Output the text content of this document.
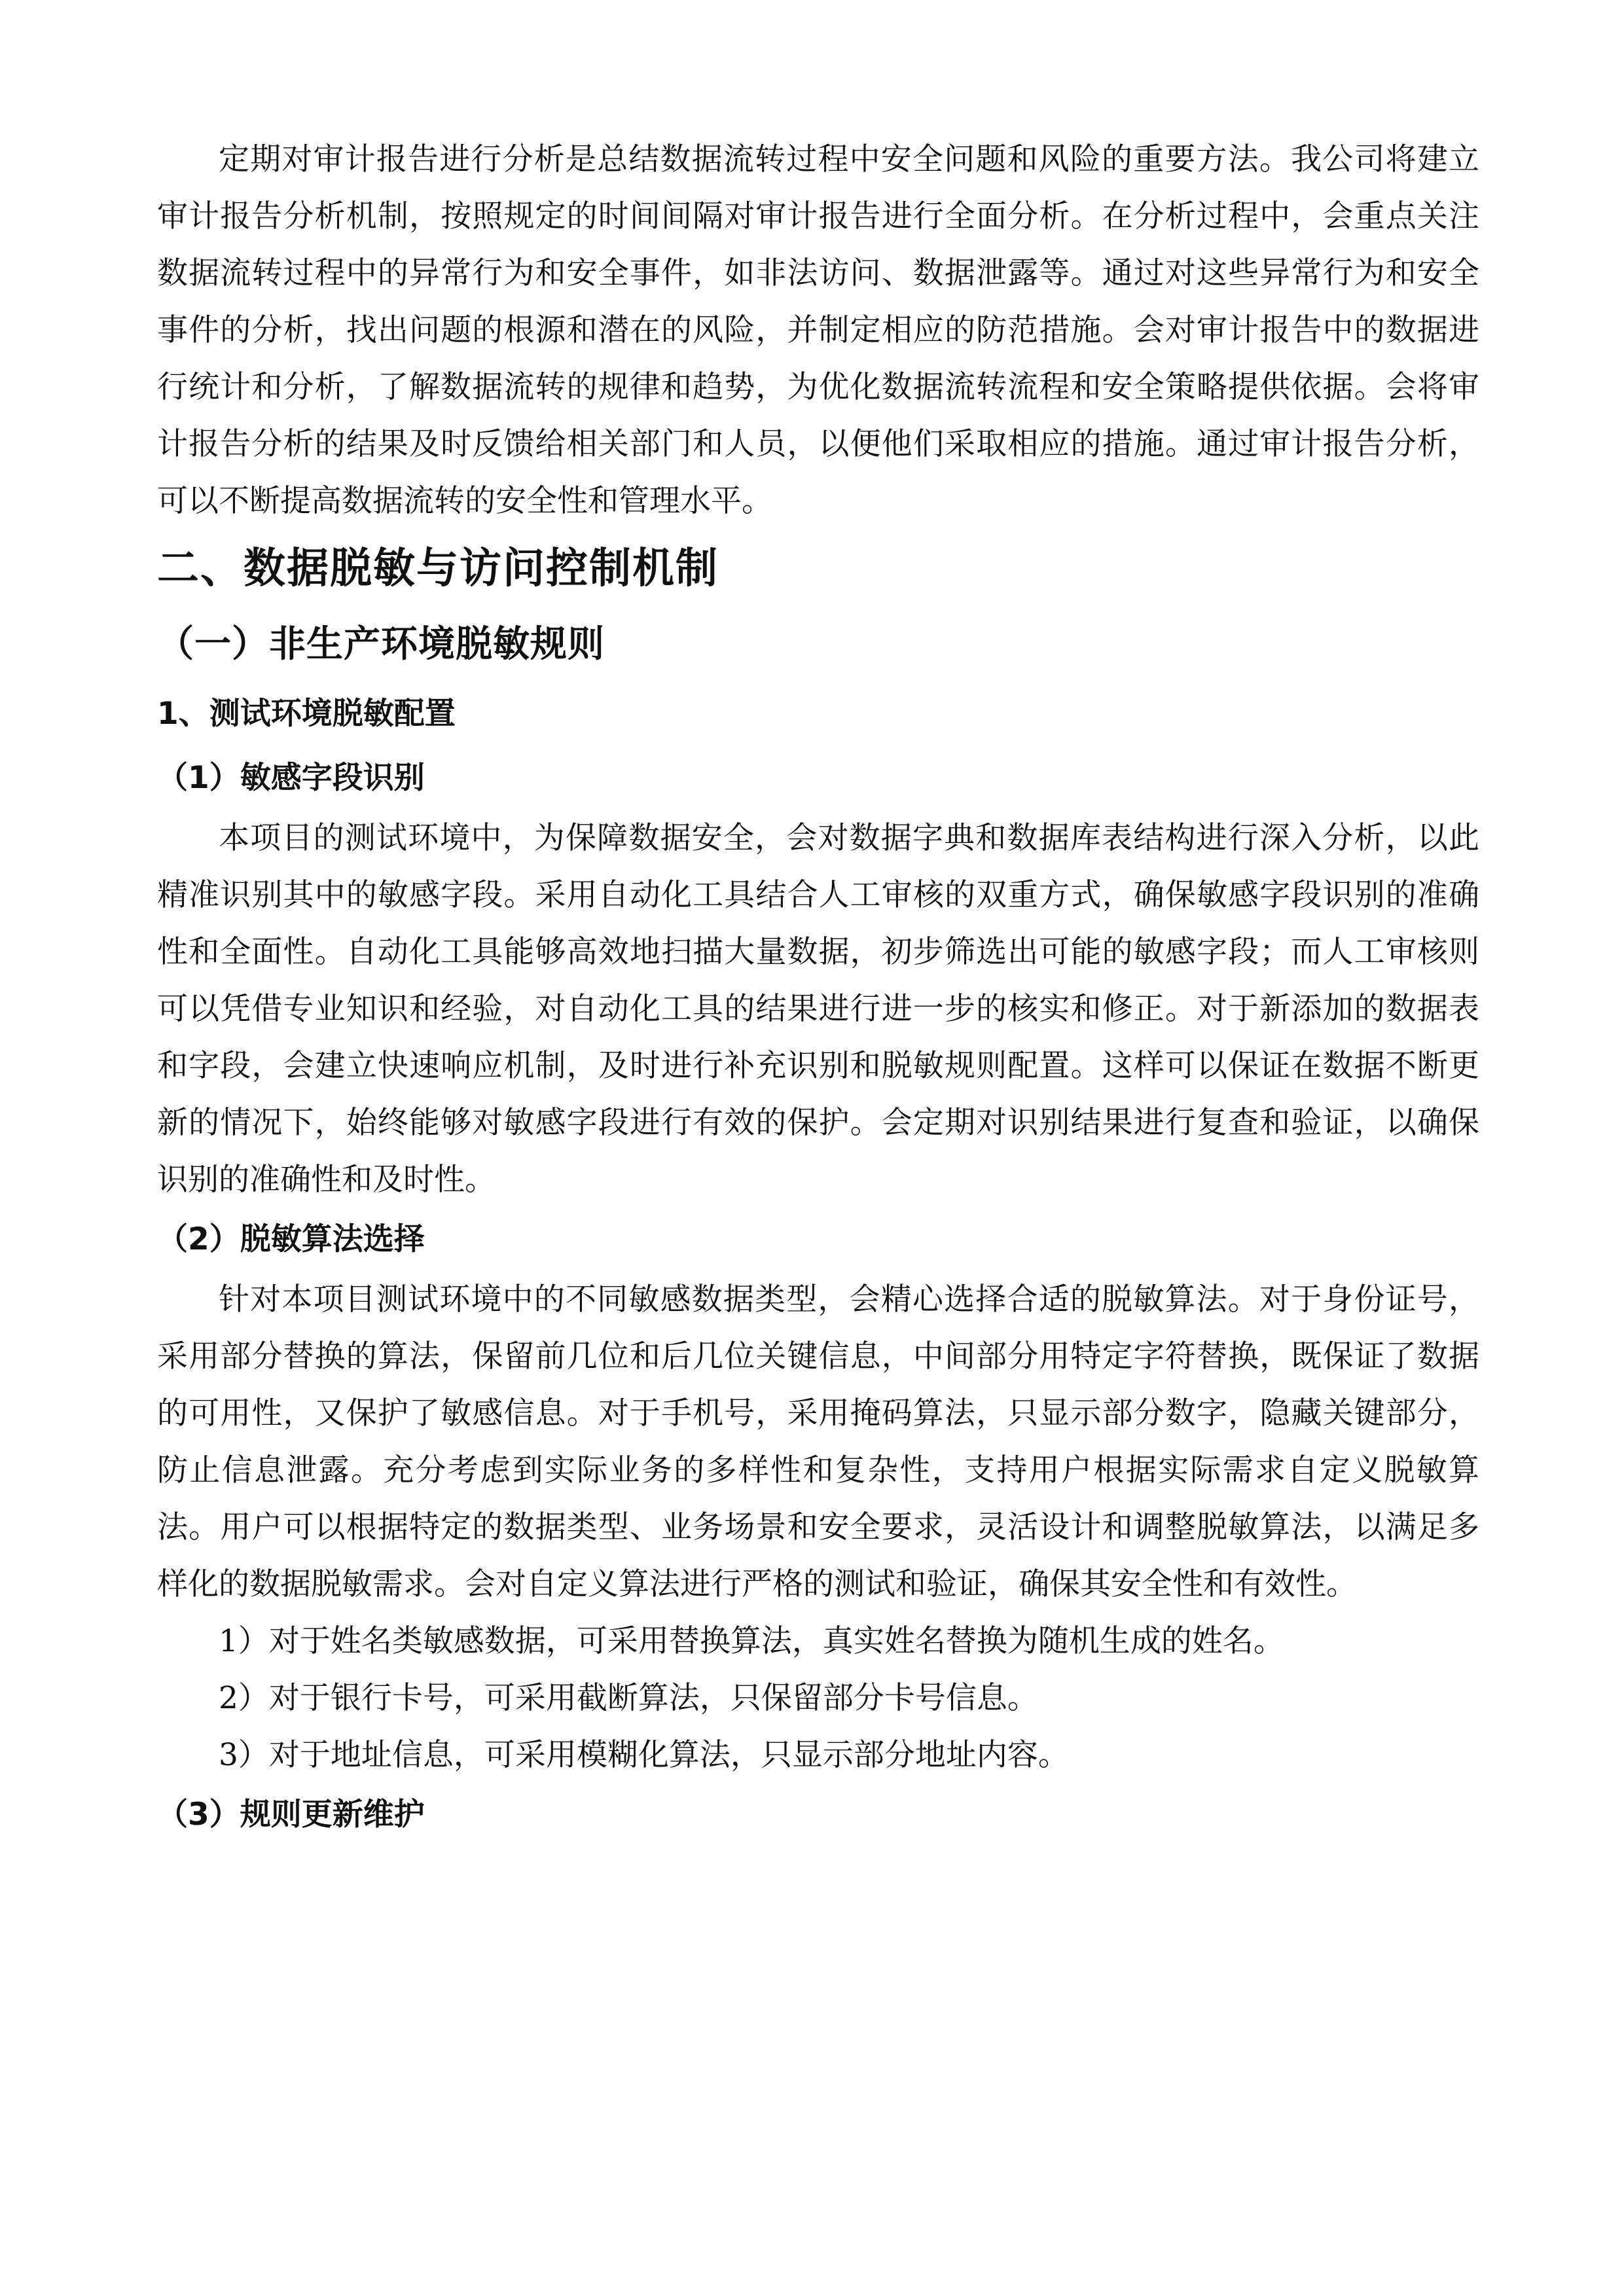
定期对审计报告进行分析是总结数据流转过程中安全问题和风险的重要方法。我公司将建立审计报告分析机制，按照规定的时间间隔对审计报告进行全面分析。在分析过程中，会重点关注数据流转过程中的异常行为和安全事件，如非法访问、数据泄露等。通过对这些异常行为和安全事件的分析，找出问题的根源和潜在的风险，并制定相应的防范措施。会对审计报告中的数据进行统计和分析，了解数据流转的规律和趋势，为优化数据流转流程和安全策略提供依据。会将审计报告分析的结果及时反馈给相关部门和人员，以便他们采取相应的措施。通过审计报告分析，可以不断提高数据流转的安全性和管理水平。

二、数据脱敏与访问控制机制
（一）非生产环境脱敏规则
1、测试环境脱敏配置
（1）敏感字段识别

本项目的测试环境中，为保障数据安全，会对数据字典和数据库表结构进行深入分析，以此精准识别其中的敏感字段。采用自动化工具结合人工审核的双重方式，确保敏感字段识别的准确性和全面性。自动化工具能够高效地扫描大量数据，初步筛选出可能的敏感字段；而人工审核则可以凭借专业知识和经验，对自动化工具的结果进行进一步的核实和修正。对于新添加的数据表和字段，会建立快速响应机制，及时进行补充识别和脱敏规则配置。这样可以保证在数据不断更新的情况下，始终能够对敏感字段进行有效的保护。会定期对识别结果进行复查和验证，以确保识别的准确性和及时性。

（2）脱敏算法选择

针对本项目测试环境中的不同敏感数据类型，会精心选择合适的脱敏算法。对于身份证号，采用部分替换的算法，保留前几位和后几位关键信息，中间部分用特定字符替换，既保证了数据的可用性，又保护了敏感信息。对于手机号，采用掩码算法，只显示部分数字，隐藏关键部分，防止信息泄露。充分考虑到实际业务的多样性和复杂性，支持用户根据实际需求自定义脱敏算法。用户可以根据特定的数据类型、业务场景和安全要求，灵活设计和调整脱敏算法，以满足多样化的数据脱敏需求。会对自定义算法进行严格的测试和验证，确保其安全性和有效性。

1）对于姓名类敏感数据，可采用替换算法，真实姓名替换为随机生成的姓名。

2）对于银行卡号，可采用截断算法，只保留部分卡号信息。

3）对于地址信息，可采用模糊化算法，只显示部分地址内容。

（3）规则更新维护
